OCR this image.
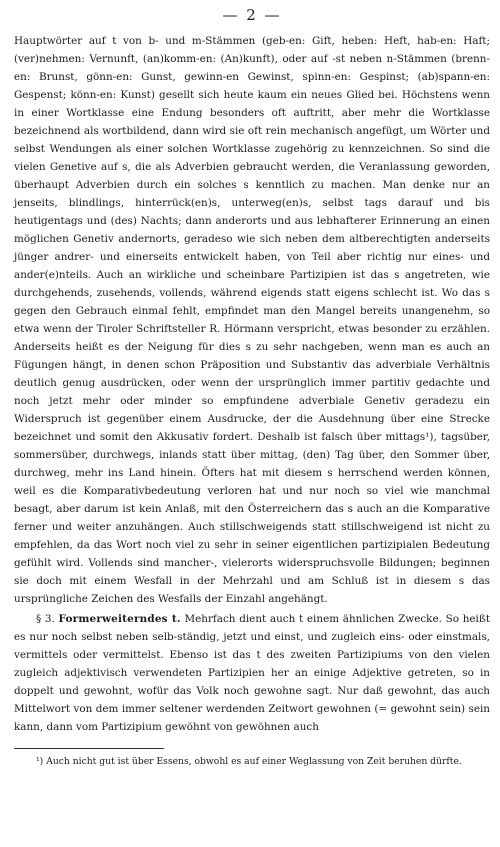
— 2 —

Hauptwörter auf t von b- und m-Stämmen (geb-en: Gift, heben: Heft, hab-en: Haft; (ver)nehmen: Vernunft, (an)komm-en: (An)kunft), oder auf -st neben n-Stämmen (brenn-en: Brunst, gönn-en: Gunst, gewinn-en Gewinst, spinn-en: Gespinst; (ab)spann-en: Gespenst; könn-en: Kunst) gesellt sich heute kaum ein neues Glied bei. Höchstens wenn in einer Wortklasse eine Endung besonders oft auftritt, aber mehr die Wortklasse bezeichnend als wortbildend, dann wird sie oft rein mechanisch angefügt, um Wörter und selbst Wendungen als einer solchen Wortklasse zugehörig zu kennzeichnen. So sind die vielen Genetive auf s, die als Adverbien gebraucht werden, die Veranlassung geworden, überhaupt Adverbien durch ein solches s kenntlich zu machen. Man denke nur an jenseits, blindlings, hinterrück(en)s, unterweg(en)s, selbst tags darauf und bis heutigentags und (des) Nachts; dann anderorts und aus lebhafterer Erinnerung an einen möglichen Genetiv andernorts, geradeso wie sich neben dem altberechtigten anderseits jünger andrer- und einerseits entwickelt haben, von Teil aber richtig nur eines- und ander(e)nteils. Auch an wirkliche und scheinbare Partizipien ist das s angetreten, wie durchgehends, zusehends, vollends, während eigends statt eigens schlecht ist. Wo das s gegen den Gebrauch einmal fehlt, empfindet man den Mangel bereits unangenehm, so etwa wenn der Tiroler Schriftsteller R. Hörmann verspricht, etwas besonder zu erzählen. Anderseits heißt es der Neigung für dies s zu sehr nachgeben, wenn man es auch an Fügungen hängt, in denen schon Präposition und Substantiv das adverbiale Verhältnis deutlich genug ausdrücken, oder wenn der ursprünglich immer partitiv gedachte und noch jetzt mehr oder minder so empfundene adverbiale Genetiv geradezu ein Widerspruch ist gegenüber einem Ausdrucke, der die Ausdehnung über eine Strecke bezeichnet und somit den Akkusativ fordert. Deshalb ist falsch über mittags¹), tagsüber, sommersüber, durchwegs, inlands statt über mittag, (den) Tag über, den Sommer über, durchweg, mehr ins Land hinein. Öfters hat mit diesem s herrschend werden können, weil es die Komparativbedeutung verloren hat und nur noch so viel wie manchmal besagt, aber darum ist kein Anlaß, mit den Österreichern das s auch an die Komparative ferner und weiter anzuhängen. Auch stillschweigends statt stillschweigend ist nicht zu empfehlen, da das Wort noch viel zu sehr in seiner eigentlichen partizipialen Bedeutung gefühlt wird. Vollends sind mancher-, vielerorts widerspruchsvolle Bildungen; beginnen sie doch mit einem Wesfall in der Mehrzahl und am Schluß ist in diesem s das ursprüngliche Zeichen des Wesfalls der Einzahl angehängt.

§ 3. Formerweiterndes t. Mehrfach dient auch t einem ähnlichen Zwecke. So heißt es nur noch selbst neben selb-ständig, jetzt und einst, und zugleich eins- oder einstmals, vermittels oder vermittelst. Ebenso ist das t des zweiten Partizipiums von den vielen zugleich adjektivisch verwendeten Partizipien her an einige Adjektive getreten, so in doppelt und gewohnt, wofür das Volk noch gewohne sagt. Nur daß gewohnt, das auch Mittelwort von dem immer seltener werdenden Zeitwort gewohnen (= gewohnt sein) sein kann, dann vom Partizipium gewöhnt von gewöhnen auch

¹) Auch nicht gut ist über Essens, obwohl es auf einer Weglassung von Zeit beruhen dürfte.
